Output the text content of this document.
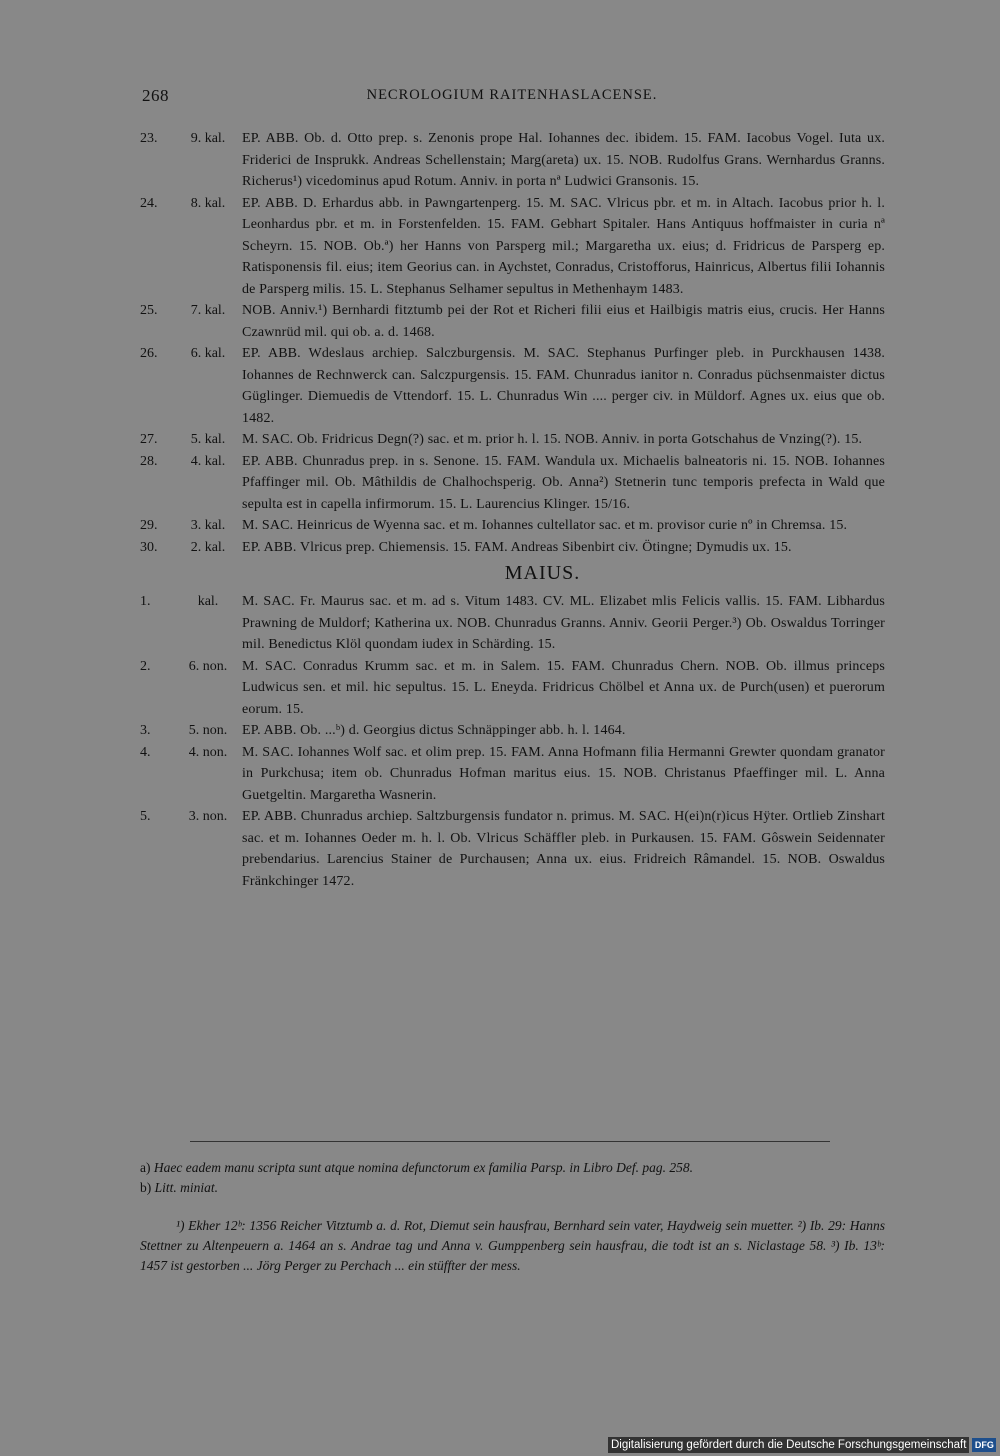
268	NECROLOGIUM RAITENHASLACENSE.
23.	9. kal.	EP. ABB. Ob. d. Otto prep. s. Zenonis prope Hal. Iohannes dec. ibidem. 15. FAM. Iacobus Vogel. Iuta ux. Friderici de Insprukk. Andreas Schellenstain; Marg(areta) ux. 15. NOB. Rudolfus Grans. Wernhardus Granns. Richerus¹) vicedominus apud Rotum. Anniv. in porta nª Ludwici Gransonis. 15.
24.	8. kal.	EP. ABB. D. Erhardus abb. in Pawngartenperg. 15. M. SAC. Vlricus pbr. et m. in Altach. Iacobus prior h. l. Leonhardus pbr. et m. in Forstenfelden. 15. FAM. Gebhart Spitaler. Hans Antiquus hoffmaister in curia nª Scheyrn. 15. NOB. Ob.ª) her Hanns von Parsperg mil.; Margaretha ux. eius; d. Fridricus de Parsperg ep. Ratisponensis fil. eius; item Georius can. in Aychstet, Conradus, Cristofforus, Hainricus, Albertus filii Iohannis de Parsperg milis. 15. L. Stephanus Selhamer sepultus in Methenhaym 1483.
25.	7. kal.	NOB. Anniv.¹) Bernhardi fitztumb pei der Rot et Richeri filii eius et Hailbigis matris eius, crucis. Her Hanns Czawnrüd mil. qui ob. a. d. 1468.
26.	6. kal.	EP. ABB. Wdeslaus archiep. Salczburgensis. M. SAC. Stephanus Purfinger pleb. in Purckhausen 1438. Iohannes de Rechnwerck can. Salczpurgensis. 15. FAM. Chunradus ianitor n. Conradus püchsenmaister dictus Güglinger. Diemuedis de Vttendorf. 15. L. Chunradus Win .... perger civ. in Müldorf. Agnes ux. eius que ob. 1482.
27.	5. kal.	M. SAC. Ob. Fridricus Degn(?) sac. et m. prior h. l. 15. NOB. Anniv. in porta Gotschahus de Vnzing(?). 15.
28.	4. kal.	EP. ABB. Chunradus prep. in s. Senone. 15. FAM. Wandula ux. Michaelis balneatoris ni. 15. NOB. Iohannes Pfaffinger mil. Ob. Mâthildis de Chalhochsperig. Ob. Anna²) Stetnerin tunc temporis prefecta in Wald que sepulta est in capella infirmorum. 15. L. Laurencius Klinger. 15/16.
29.	3. kal.	M. SAC. Heinricus de Wyenna sac. et m. Iohannes cultellator sac. et m. provisor curie nº in Chremsa. 15.
30.	2. kal.	EP. ABB. Vlricus prep. Chiemensis. 15. FAM. Andreas Sibenbirt civ. Ötingne; Dymudis ux. 15.
MAIUS.
1.	kal.	M. SAC. Fr. Maurus sac. et m. ad s. Vitum 1483. CV. ML. Elizabet mlis Felicis vallis. 15. FAM. Libhardus Prawning de Muldorf; Katherina ux. NOB. Chunradus Granns. Anniv. Georii Perger.³) Ob. Oswaldus Torringer mil. Benedictus Klöl quondam iudex in Schärding. 15.
2.	6. non.	M. SAC. Conradus Krumm sac. et m. in Salem. 15. FAM. Chunradus Chern. NOB. Ob. illmus princeps Ludwicus sen. et mil. hic sepultus. 15. L. Eneyda. Fridricus Chölbel et Anna ux. de Purch(usen) et puerorum eorum. 15.
3.	5. non.	EP. ABB. Ob. ...ᵇ) d. Georgius dictus Schnäppinger abb. h. l. 1464.
4.	4. non.	M. SAC. Iohannes Wolf sac. et olim prep. 15. FAM. Anna Hofmann filia Hermanni Grewter quondam granator in Purkchusa; item ob. Chunradus Hofman maritus eius. 15. NOB. Christanus Pfaeffinger mil. L. Anna Guetgeltin. Margaretha Wasnerin.
5.	3. non.	EP. ABB. Chunradus archiep. Saltzburgensis fundator n. primus. M. SAC. H(ei)n(r)icus Hÿter. Ortlieb Zinshart sac. et m. Iohannes Oeder m. h. l. Ob. Vlricus Schäffler pleb. in Purkausen. 15. FAM. Gôswein Seidennater prebendarius. Larencius Stainer de Purchausen; Anna ux. eius. Fridreich Râmandel. 15. NOB. Oswaldus Fränkchinger 1472.

a) Haec eadem manu scripta sunt atque nomina defunctorum ex familia Parsp. in Libro Def. pag. 258.

b) Litt. miniat.

¹) Ekher 12ᵇ: 1356 Reicher Vitztumb a. d. Rot, Diemut sein hausfrau, Bernhard sein vater, Haydweig sein muetter. ²) Ib. 29: Hanns Stettner zu Altenpeuern a. 1464 an s. Andrae tag und Anna v. Gumppenberg sein hausfrau, die todt ist an s. Niclastage 58. ³) Ib. 13ᵇ: 1457 ist gestorben ... Jörg Perger zu Perchach ... ein stüffter der mess.
Digitalisierung gefördert durch die Deutsche Forschungsgemeinschaft DFG
